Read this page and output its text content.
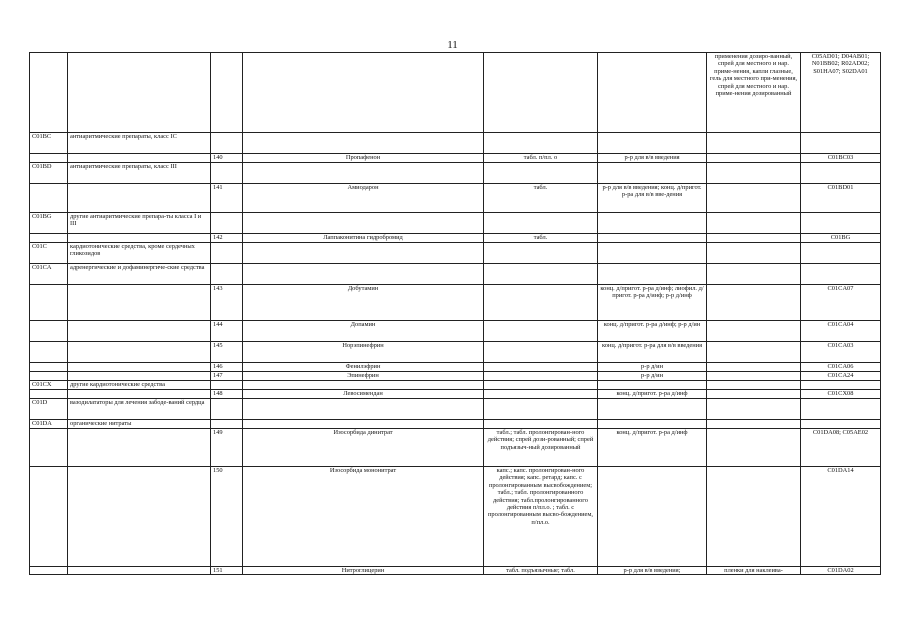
11
						применения дозиро-ванный, спрей для местного и нар. приме-нения, капли глазные, гель для местного при-менения, спрей для местного и нар. приме-нения дозированный	C05AD01; D04AB01; N01BB02; R02AD02; S01HA07; S02DA01
C01BC	антиаритмические препараты, класс IC						
		140	Пропафенон	табл. п/пл. о	р-р для в/в введения		C01BC03
C01BD	антиаритмические препараты, класс III						
		141	Амиодарон	табл.	р-р для в/в введения; конц. д/пригот. р-ра для в/в вве-дения		C01BD01
C01BG	другие антиаритмические препара-ты класса I и III						
		142	Лаппаконитина гидробромид	табл.			C01BG
C01C	кардиотонические средства, кроме сердечных гликозидов						
C01CA	адренергические и дофаминергиче-ские средства						
		143	Добутамин		конц. д/пригот. р-ра д/инф; лиофил. д/пригот. р-ра д/инф; р-р д/инф		C01CA07
		144	Допамин		конц. д/пригот. р-ра д/инф; р-р д/ин		C01CA04
		145	Норэпинефрин		конц. д/пригот. р-ра для в/в введения		C01CA03
		146	Фенилэфрин		р-р д/ин		C01CA06
		147	Эпинефрин		р-р д/ин		C01CA24
C01CX	другие кардиотонические средства						
		148	Левосимендан		конц. д/пригот. р-ра д/инф		C01CX08
C01D	вазодилататоры для лечения забоде-ваний сердца						
C01DA	органические нитраты						
		149	Изосорбида динитрат	табл.; табл. пролонгирован-ного действия; спрей дози-рованный; спрей подъязыч-ный дозированный	конц. д/пригот. р-ра д/инф		C01DA08; C05AE02
		150	Изосорбида мононитрат	капс.; капс. пролонгирован-ного действия; капс. ретард; капс. с пролонгированным высвобождением; табл.; табл. пролонгированного действия; табл.пролонгированного действия п/пл.о. ; табл. с пролонгированным высво-бождением, п/пл.о.			C01DA14
		151	Нитроглицерин	табл. подъязычные; табл.	р-р для в/в введения;	пленки для наклеива-	C01DA02
